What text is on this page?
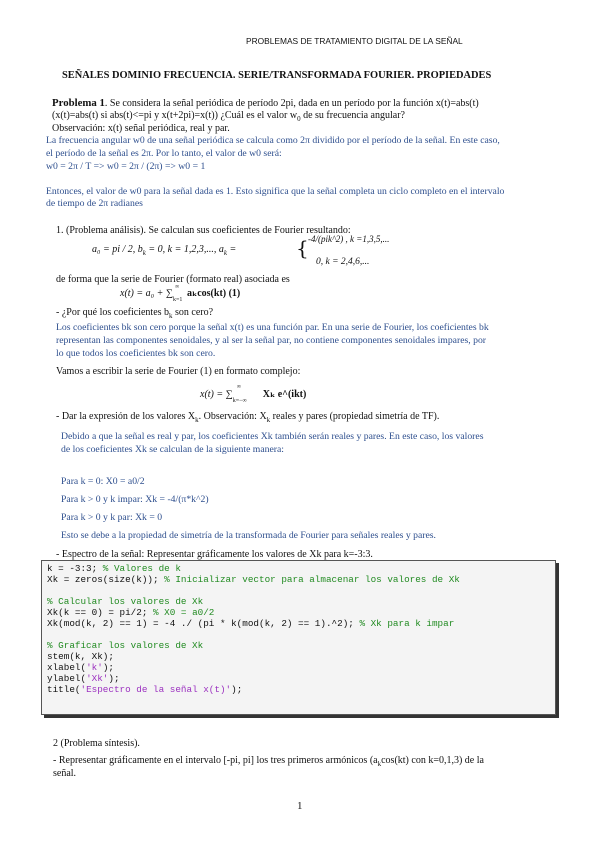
PROBLEMAS DE TRATAMIENTO DIGITAL DE LA SEÑAL
SEÑALES DOMINIO FRECUENCIA. SERIE/TRANSFORMADA FOURIER. PROPIEDADES
Problema 1. Se considera la señal periódica de período 2pi, dada en un período por la función x(t)=abs(t)
(x(t)=abs(t) si abs(t)<=pi y x(t+2pi)=x(t)) ¿Cuál es el valor $w_0$ de su frecuencia angular?
Observación: x(t) señal periódica, real y par.
La frecuencia angular w0 de una señal periódica se calcula como 2π dividido por el período de la señal. En este caso,
el período de la señal es 2π. Por lo tanto, el valor de w0 será:
w0 = 2π / T => w0 = 2π / (2π) => w0 = 1
Entonces, el valor de w0 para la señal dada es 1. Esto significa que la señal completa un ciclo completo en el intervalo
de tiempo de 2π radianes
1. (Problema análisis). Se calculan sus coeficientes de Fourier resultando:
a₀ = pi / 2, $b_k = 0$, k = 1,2,3,..., $a_k$ =	{ -4/(pik^2) , k =1,3,5,...
0, k = 2,4,6,...
de forma que la serie de Fourier (formato real) asociada es
x(t) = a₀ + ∑
∞
k=1
aₖcos(kt) (1)
- ¿Por qué los coeficientes $b_k$ son cero?
Los coeficientes bk son cero porque la señal x(t) es una función par. En una serie de Fourier, los coeficientes bk
representan las componentes senoidales, y al ser la señal par, no contiene componentes senoidales impares, por
lo que todos los coeficientes bk son cero.
Vamos a escribir la serie de Fourier (1) en formato complejo:
x(t) = ∑
∞
k=−∞
Xₖ e^(ikt)
- Dar la expresión de los valores $X_k$. Observación: $X_k$ reales y pares (propiedad simetría de TF).
Debido a que la señal es real y par, los coeficientes Xk también serán reales y pares. En este caso, los valores
de los coeficientes Xk se calculan de la siguiente manera:
Para k = 0: X0 = a0/2
Para k > 0 y k impar: Xk = -4/(π*k^2)
Para k > 0 y k par: Xk = 0
Esto se debe a la propiedad de simetría de la transformada de Fourier para señales reales y pares.
- Espectro de la señal: Representar gráficamente los valores de Xk para k=-3:3.
k = -3:3; % Valores de k
Xk = zeros(size(k)); % Inicializar vector para almacenar los valores de Xk
% Calcular los valores de Xk
Xk(k == 0) = pi/2; % X0 = a0/2
Xk(mod(k, 2) == 1) = -4 ./ (pi * k(mod(k, 2) == 1).^2); % Xk para k impar
% Graficar los valores de Xk
stem(k, Xk);
xlabel('k');
ylabel('Xk');
title('Espectro de la señal x(t)');
2 (Problema síntesis).
- Representar gráficamente en el intervalo [-pi, pi] los tres primeros armónicos ($a_k\cos(kt)$ con k=0,1,3) de la
señal.
1
